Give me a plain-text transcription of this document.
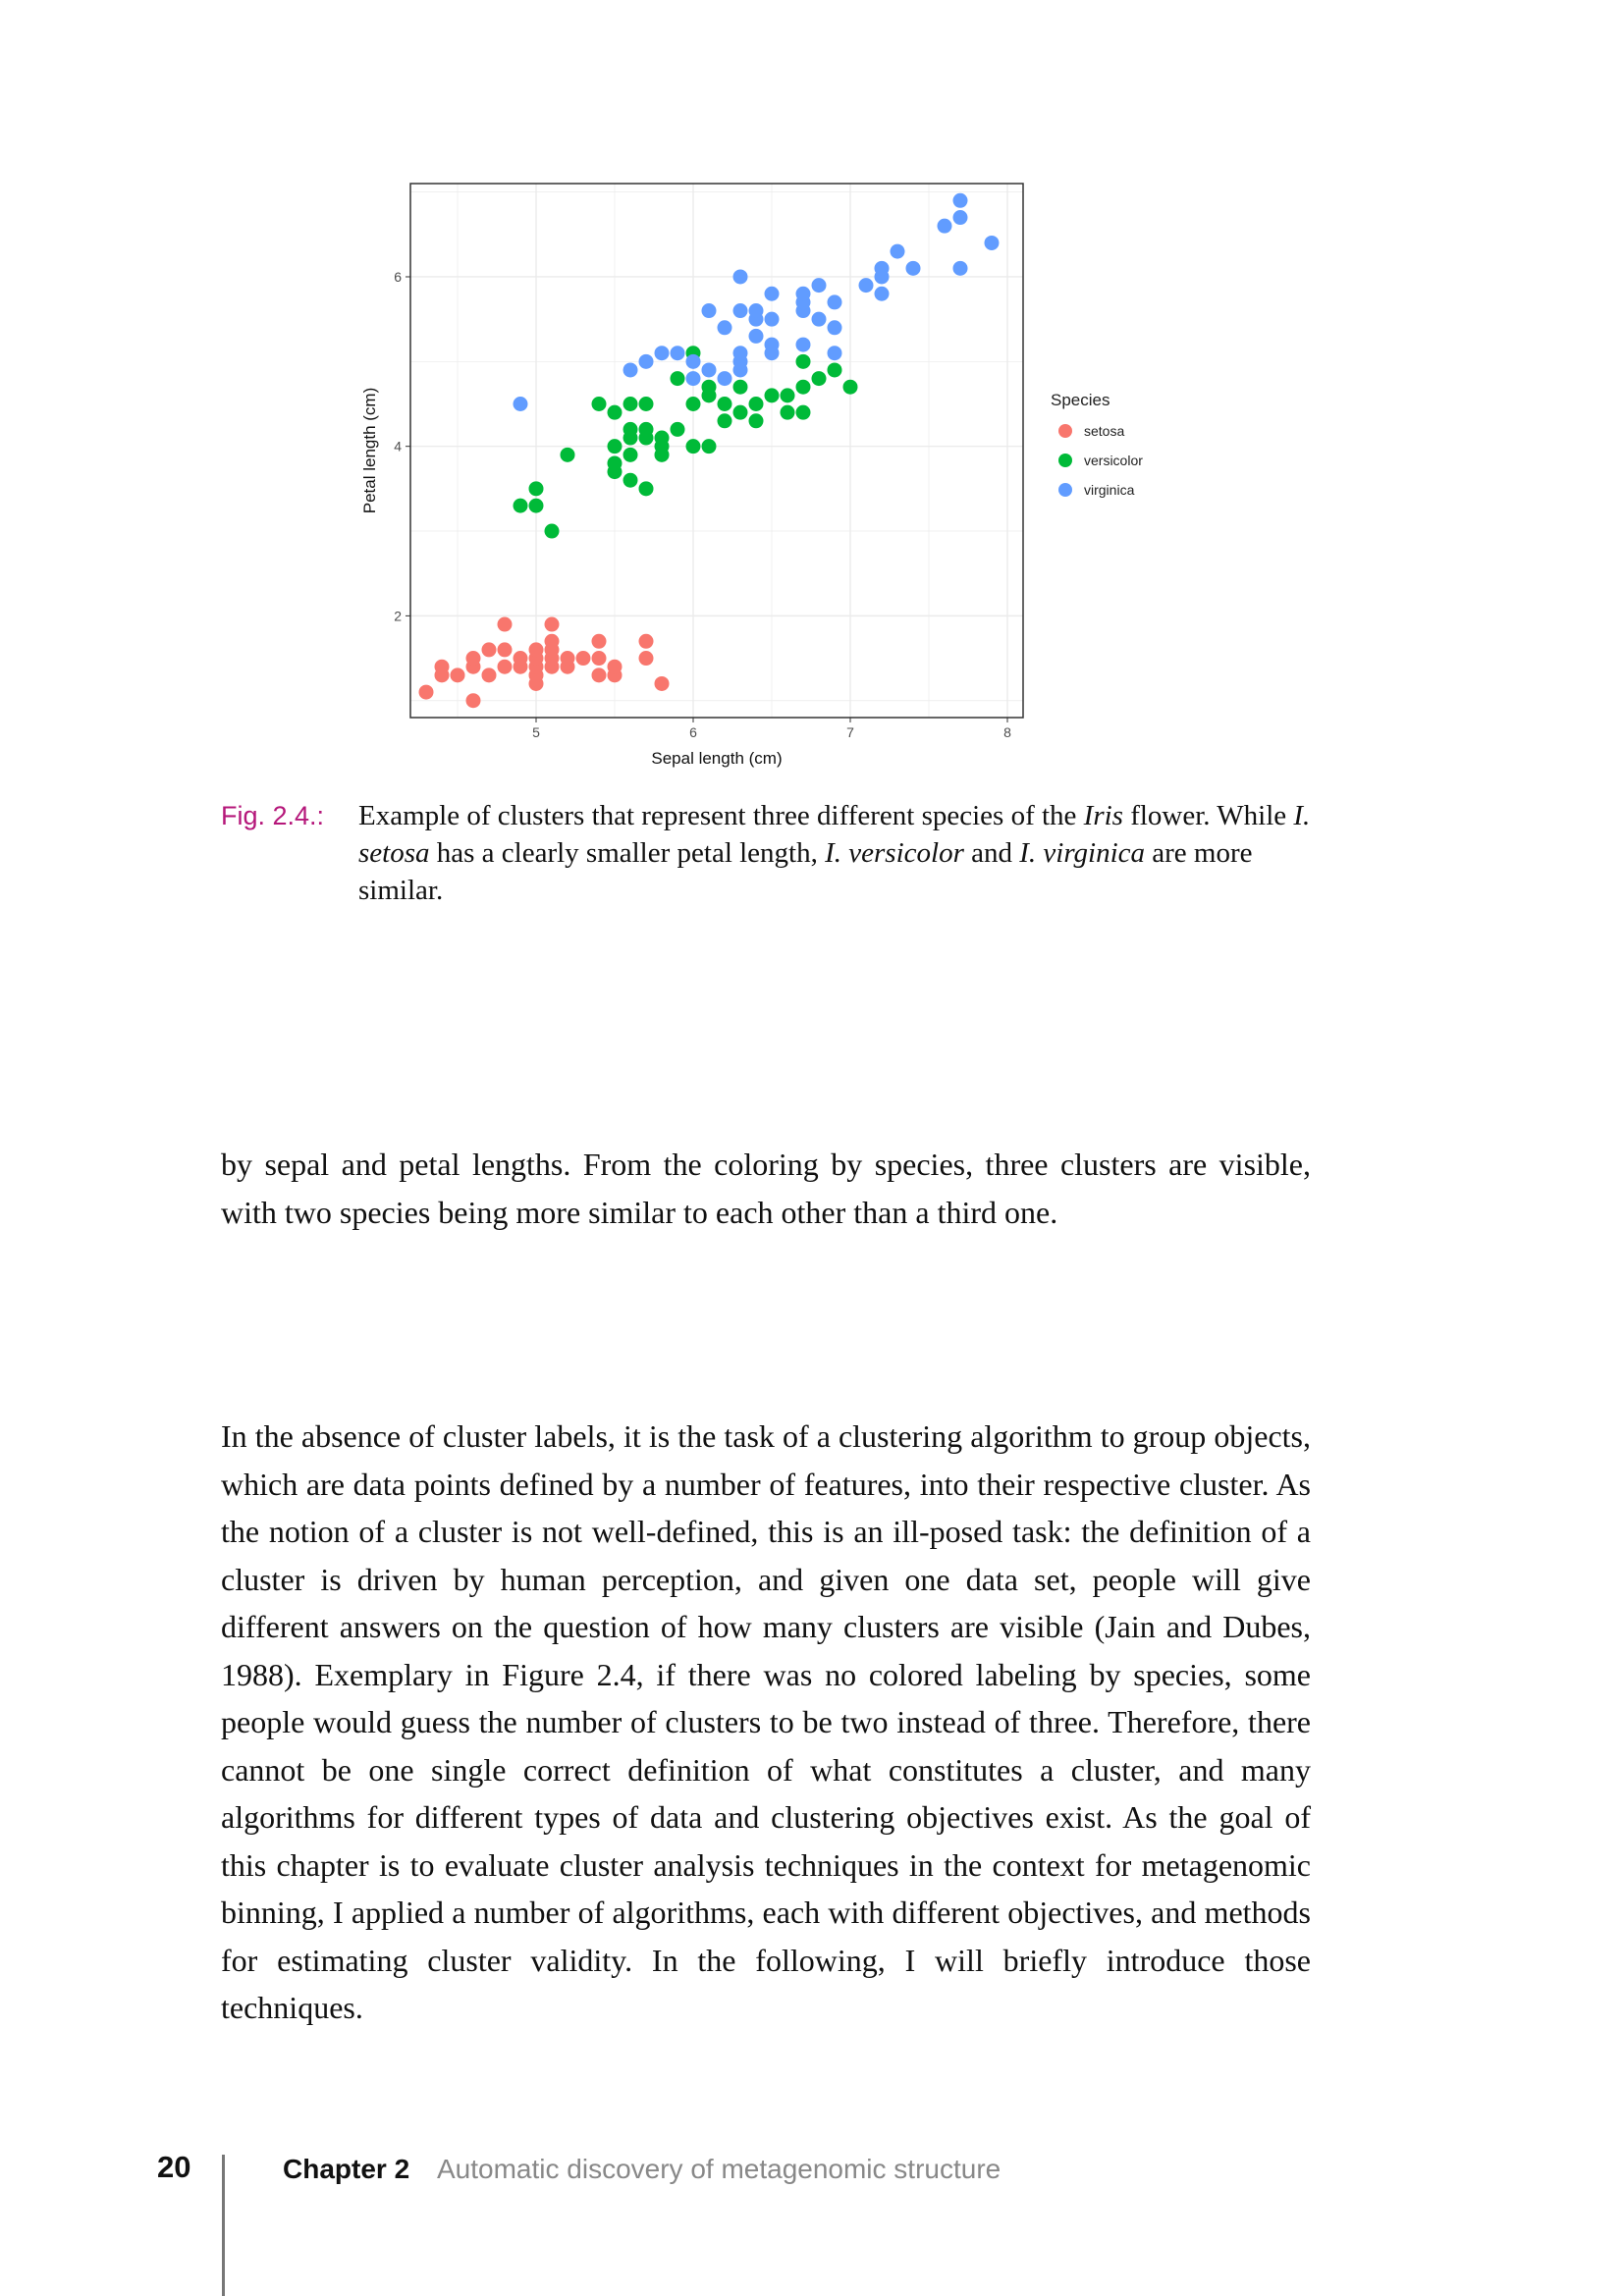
5	6	7	8
2
4
6
Sepal length (cm)
Petal length (cm)	Species
setosa
versicolor
virginica
Fig. 2.4.: Example of clusters that represent three different species of the Iris flower. While I. setosa has a clearly smaller petal length, I. versicolor and I. virginica are more similar.

by sepal and petal lengths. From the coloring by species, three clusters are visible, with two species being more similar to each other than a third one.

In the absence of cluster labels, it is the task of a clustering algorithm to group objects, which are data points defined by a number of features, into their respective cluster. As the notion of a cluster is not well-defined, this is an ill-posed task: the definition of a cluster is driven by human perception, and given one data set, people will give different answers on the question of how many clusters are visible (Jain and Dubes, 1988). Exemplary in Figure 2.4, if there was no colored labeling by species, some people would guess the number of clusters to be two instead of three. Therefore, there cannot be one single correct definition of what constitutes a cluster, and many algorithms for different types of data and clustering objectives exist. As the goal of this chapter is to evaluate cluster analysis techniques in the context for metagenomic binning, I applied a number of algorithms, each with different objectives, and methods for estimating cluster validity. In the following, I will briefly introduce those techniques.

20	Chapter 2 Automatic discovery of metagenomic structure
